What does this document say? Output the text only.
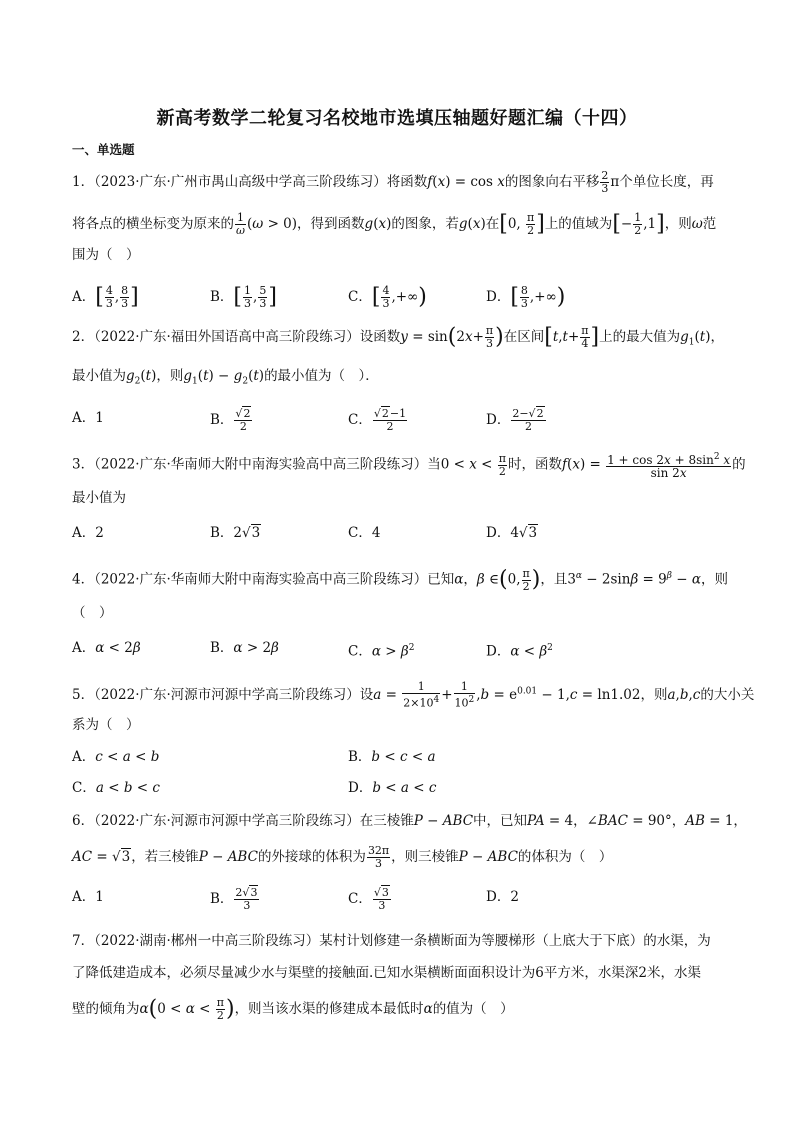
新高考数学二轮复习名校地市选填压轴题好题汇编（十四）
一、单选题
1．（2023·广东·广州市禺山高级中学高三阶段练习）将函数f(x) = cos x的图象向右平移 $\frac{2}{3}$ π个单位长度，再
将各点的横坐标变为原来的 $\frac{1}{\omega} (\omega > 0)$，得到函数g(x)的图象，若g(x)在[0, $\frac{\pi}{2}$ ]上的值域为[− $\frac{1}{2} ,1$]，则ω范
围为（　）
A．[ $\frac{4}{3}$ , $\frac{8}{3}$ ]	B．[ $\frac{1}{3}$ , $\frac{5}{3}$ ]	C．[ $\frac{4}{3}$ ,+∞)	D．[ $\frac{8}{3}$ ,+∞)
2．（2022·广东·福田外国语高中高三阶段练习）设函数$y = \sin(2x+ \frac{\pi}{3}$ )在区间[$t,t+ \frac{\pi}{4}$ ]上的最大值为$g_1(t)$，
最小值为$g_2(t)$，则$g_1(t) - g_2(t)$的最小值为（　）．
A．1	B． $\frac{√2}{2}$	C． $\frac{√2-1}{2}$	D． $\frac{2-√2}{2}$
3．（2022·广东·华南师大附中南海实验高中高三阶段练习）当$0 < x < \frac{\pi}{2}$ 时，函数$f(x) = \frac{1 + \cos 2x + 8\sin^2 x}{\sin 2x}$ 的
最小值为
A．2	B．2√3	C．4	D．4√3
4．（2022·广东·华南师大附中南海实验高中高三阶段练习）已知α，β ∈(0, $\frac{\pi}{2}$ )，且$3^\alpha - 2\sin\beta = 9^\beta - \alpha$，则
（　）
A．α < 2β	B．α > 2β	C．$\alpha > \beta^2$	D．$\alpha < \beta^2$
5．（2022·广东·河源市河源中学高三阶段练习）设$a = \frac{1}{2\times 10^4} + \frac{1}{10^2} ,b = e^{0.01} - 1,c = \ln 1.02$，则a,b,c的大小关
系为（　）
A．c < a < b	B．b < c < a
C．a < b < c	D．b < a < c
6．（2022·广东·河源市河源中学高三阶段练习）在三棱锥P − ABC中，已知PA = 4，∠BAC = 90°，AB = 1，
AC = √3，若三棱锥P − ABC的外接球的体积为 $\frac{32\pi}{3}$ ，则三棱锥P − ABC的体积为（　）
A．1	B． $\frac{2√3}{3}$	C． $\frac{√3}{3}$	D．2
7．（2022·湖南·郴州一中高三阶段练习）某村计划修建一条横断面为等腰梯形（上底大于下底）的水渠，为
了降低建造成本，必须尽量减少水与渠壁的接触面.已知水渠横断面面积设计为6平方米，水渠深2米，水渠
壁的倾角为$\alpha(0 < \alpha < \frac{\pi}{2}$ )，则当该水渠的修建成本最低时α的值为（　）
